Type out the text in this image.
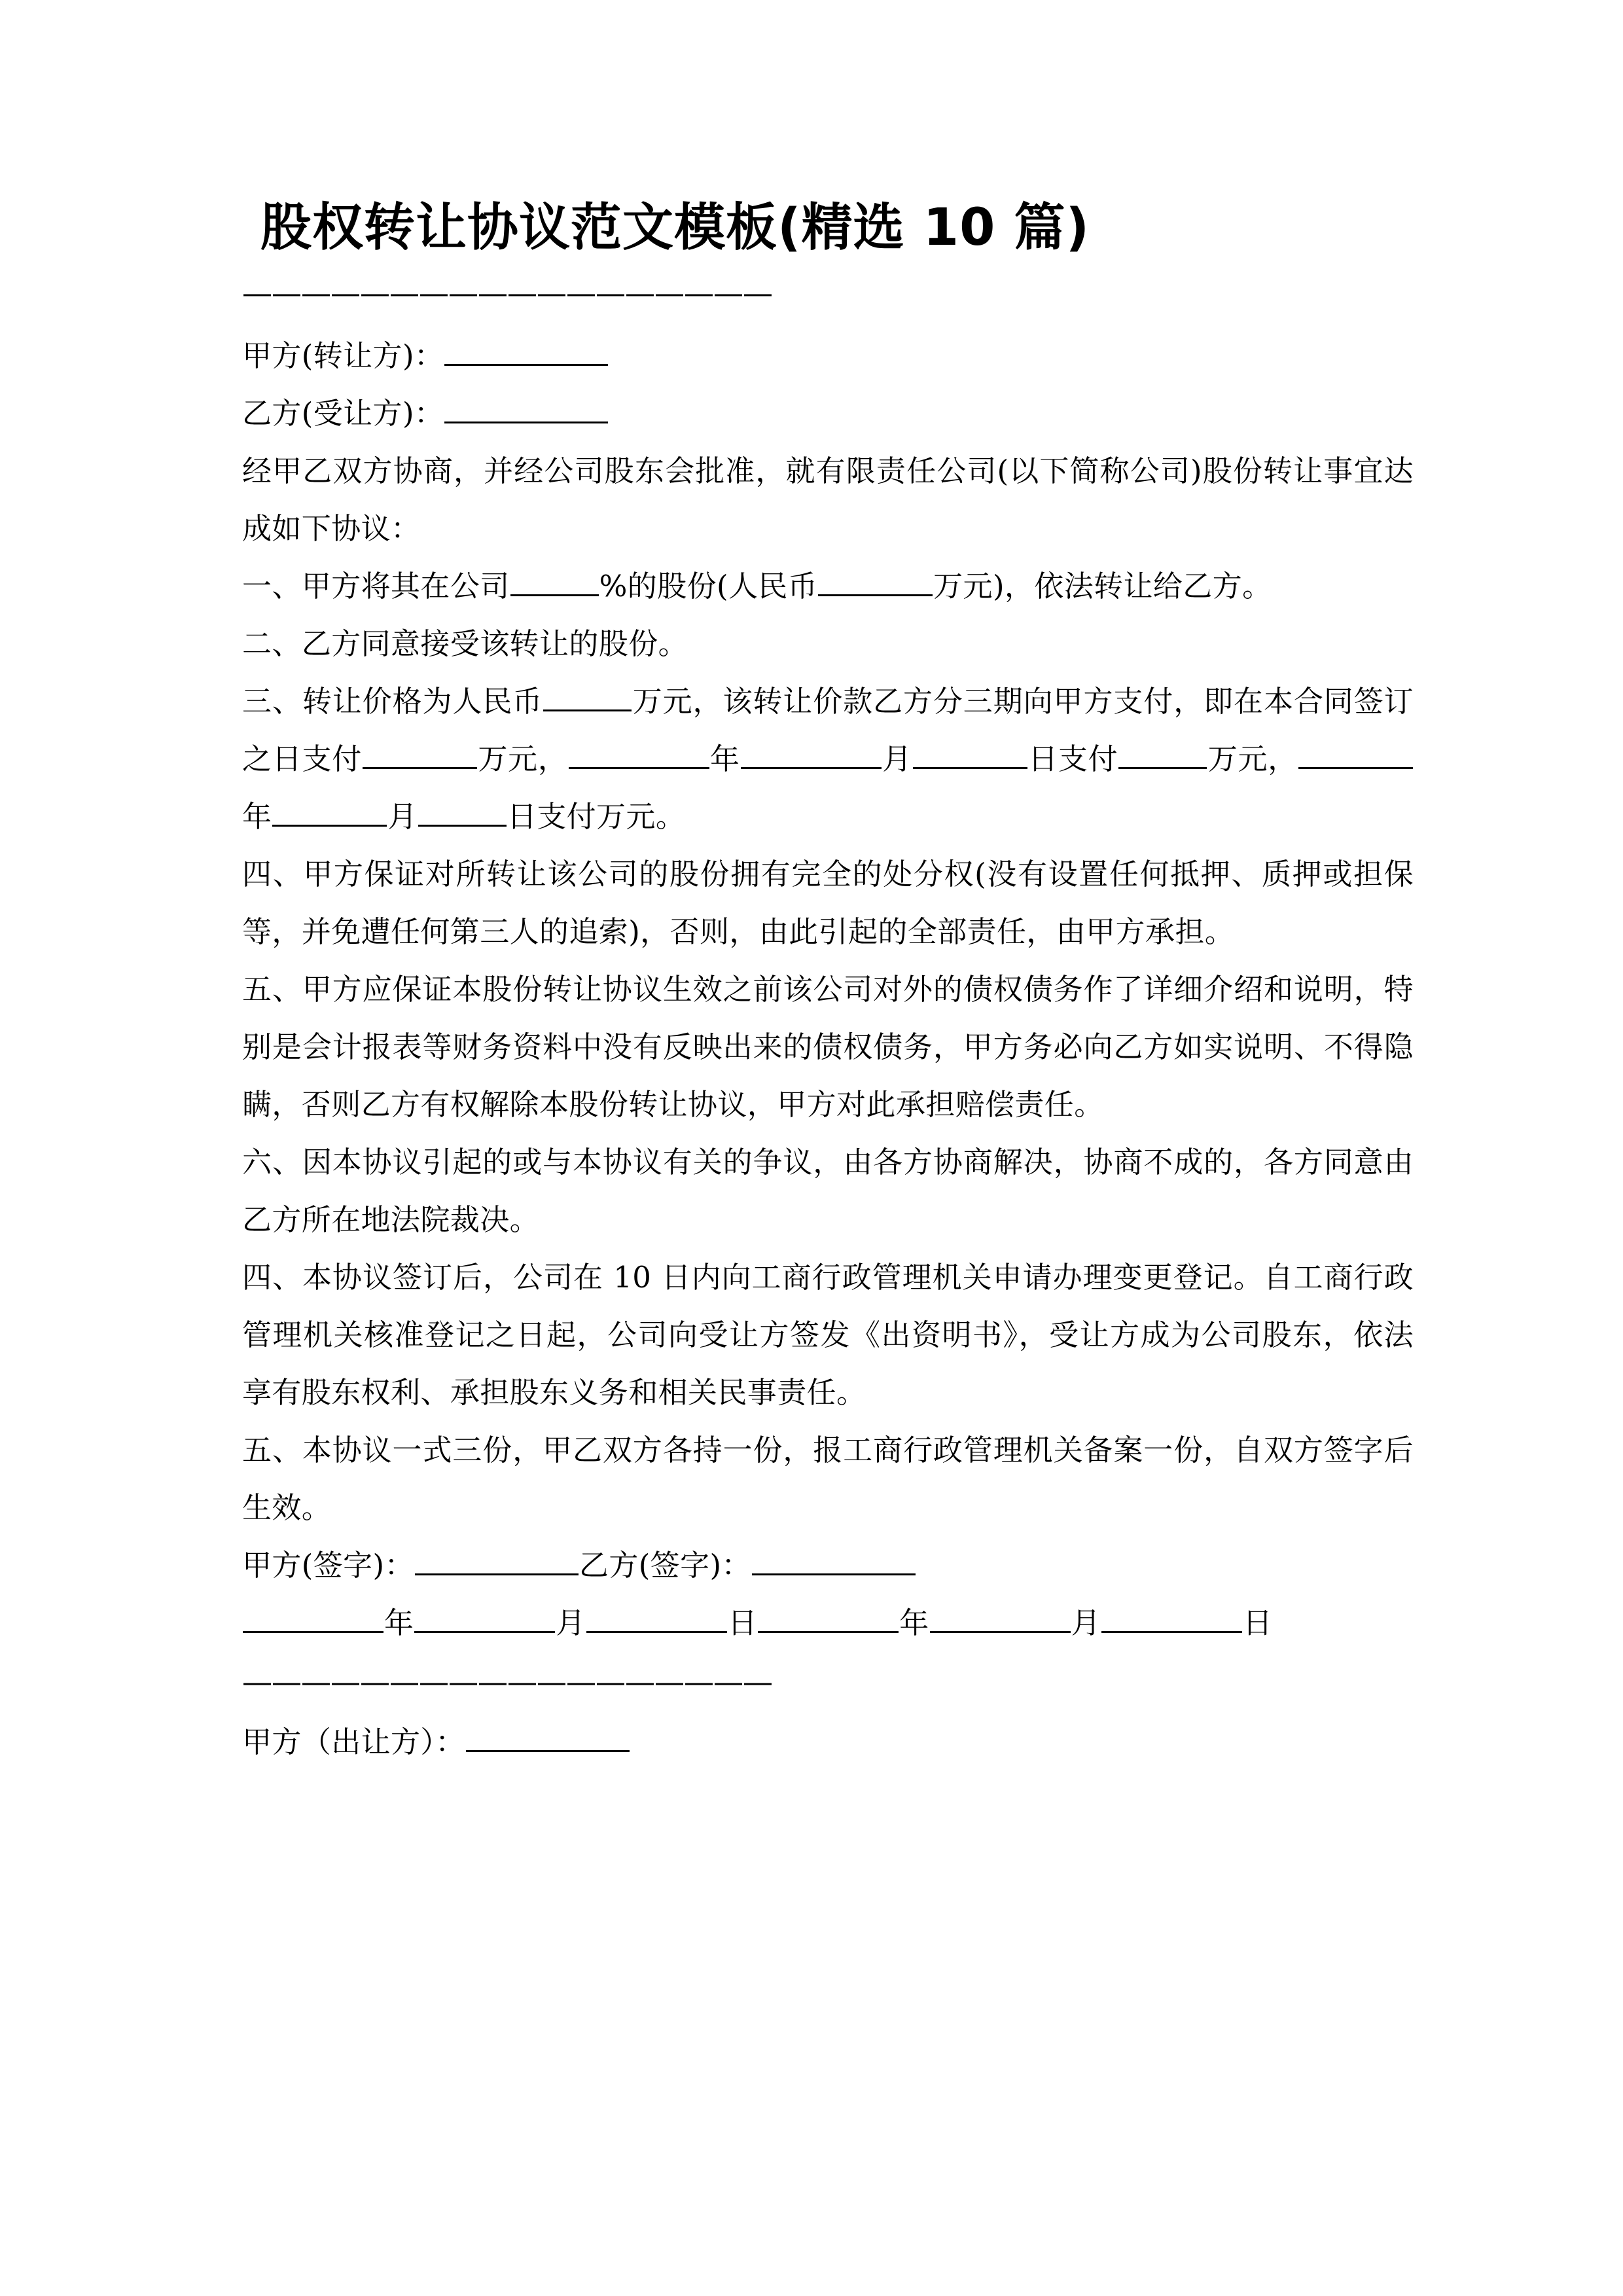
股权转让协议范文模板(精选 10 篇)
——————————————————

甲方(转让方)：

乙方(受让方)：

经甲乙双方协商，并经公司股东会批准，就有限责任公司(以下简称公司)股份转让事宜达成如下协议：

一、甲方将其在公司	%的股份(人民币	万元)，依法转让给乙方。

二、乙方同意接受该转让的股份。

三、转让价格为人民币	万元，该转让价款乙方分三期向甲方支付，即在本合同签订之日支付	万元，	年	月	日支付	万元，年	月	日支付万元。

四、甲方保证对所转让该公司的股份拥有完全的处分权(没有设置任何抵押、质押或担保等，并免遭任何第三人的追索)，否则，由此引起的全部责任，由甲方承担。

五、甲方应保证本股份转让协议生效之前该公司对外的债权债务作了详细介绍和说明，特别是会计报表等财务资料中没有反映出来的债权债务，甲方务必向乙方如实说明、不得隐瞒，否则乙方有权解除本股份转让协议，甲方对此承担赔偿责任。

六、因本协议引起的或与本协议有关的争议，由各方协商解决，协商不成的，各方同意由乙方所在地法院裁决。

四、本协议签订后，公司在 10 日内向工商行政管理机关申请办理变更登记。自工商行政管理机关核准登记之日起，公司向受让方签发《出资明书》，受让方成为公司股东，依法享有股东权利、承担股东义务和相关民事责任。

五、本协议一式三份，甲乙双方各持一份，报工商行政管理机关备案一份，自双方签字后生效。

甲方(签字)：	乙方(签字)：

年	月	日	年	月	日

——————————————————

甲方（出让方）：
